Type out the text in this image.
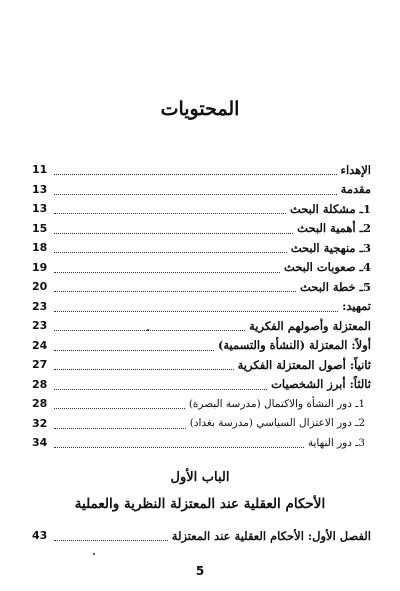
المحتويات
الإهداء
11
مقدمة
13
1ـ مشكلة البحث
13
2ـ أهمية البحث
15
3ـ منهجية البحث
18
4ـ صعوبات البحث
19
5ـ خطة البحث
20
تمهيد:
23
المعتزلة وأصولهم الفكرية
23
أولاً: المعتزلة (النشأة والتسمية)
24
ثانياً: أصول المعتزلة الفكرية
27
ثالثاً: أبرز الشخصيات
28
1ـ دور النشأة والاكتمال (مدرسة البصرة)
28
2ـ دور الاعتزال السياسي (مدرسة بغداد)
32
3ـ دور النهاية
34
الباب الأول
الأحكام العقلية عند المعتزلة النظرية والعملية
الفصل الأول: الأحكام العقلية عند المعتزلة
43
5
